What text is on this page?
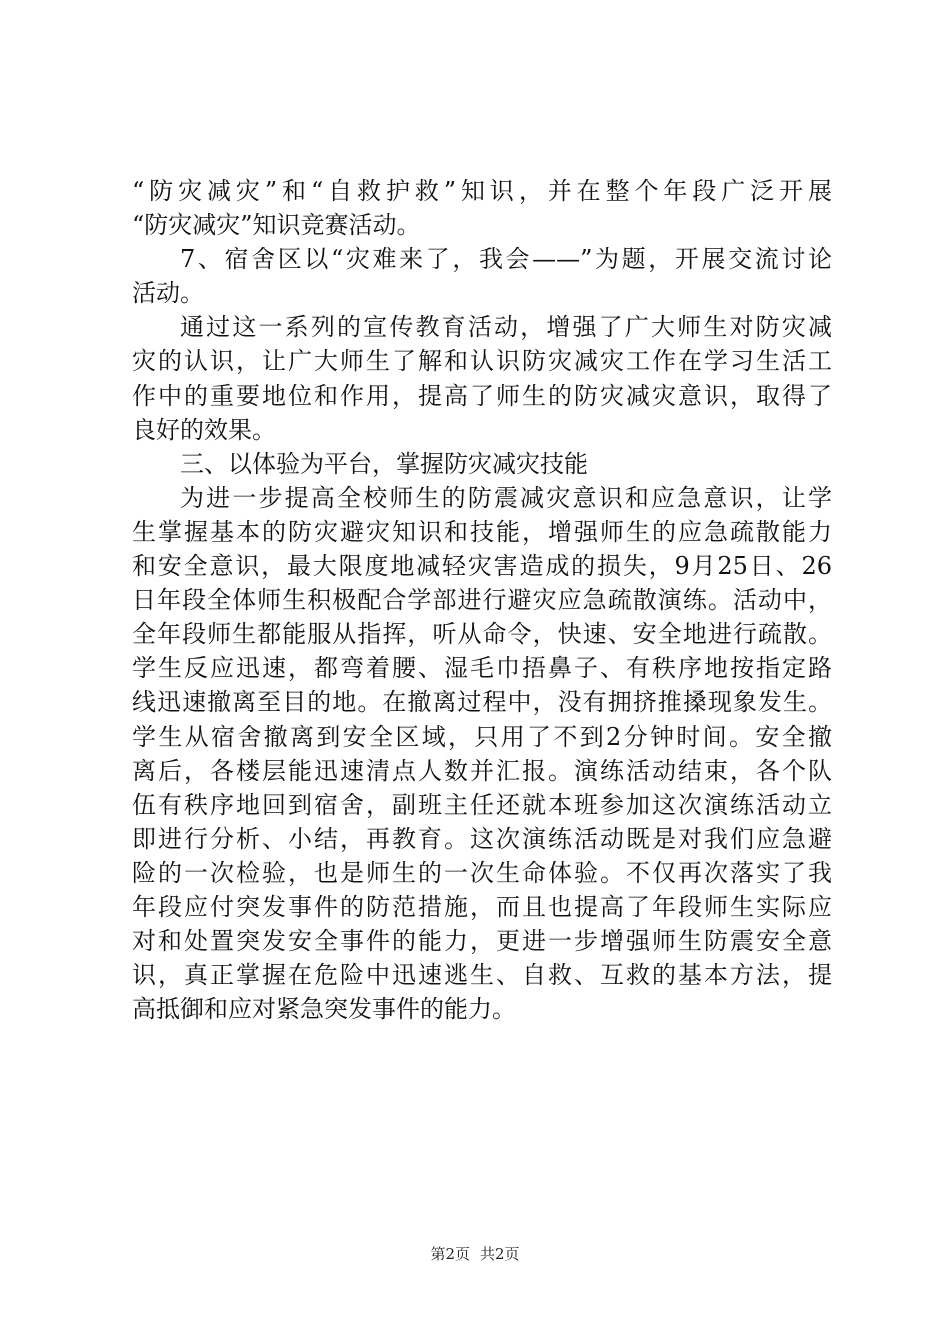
“防灾减灾”和“自救护救”知识，并在整个年段广泛开展
“防灾减灾”知识竞赛活动。
7、宿舍区以“灾难来了，我会——”为题，开展交流讨论
活动。
通过这一系列的宣传教育活动，增强了广大师生对防灾减
灾的认识，让广大师生了解和认识防灾减灾工作在学习生活工
作中的重要地位和作用，提高了师生的防灾减灾意识，取得了
良好的效果。
三、以体验为平台，掌握防灾减灾技能
为进一步提高全校师生的防震减灾意识和应急意识，让学
生掌握基本的防灾避灾知识和技能，增强师生的应急疏散能力
和安全意识，最大限度地减轻灾害造成的损失，9月25日、26
日年段全体师生积极配合学部进行避灾应急疏散演练。活动中，
全年段师生都能服从指挥，听从命令，快速、安全地进行疏散。
学生反应迅速，都弯着腰、湿毛巾捂鼻子、有秩序地按指定路
线迅速撤离至目的地。在撤离过程中，没有拥挤推搡现象发生。
学生从宿舍撤离到安全区域，只用了不到2分钟时间。安全撤
离后，各楼层能迅速清点人数并汇报。演练活动结束，各个队
伍有秩序地回到宿舍，副班主任还就本班参加这次演练活动立
即进行分析、小结，再教育。这次演练活动既是对我们应急避
险的一次检验，也是师生的一次生命体验。不仅再次落实了我
年段应付突发事件的防范措施，而且也提高了年段师生实际应
对和处置突发安全事件的能力，更进一步增强师生防震安全意
识，真正掌握在危险中迅速逃生、自救、互救的基本方法，提
高抵御和应对紧急突发事件的能力。
第2页 共2页
